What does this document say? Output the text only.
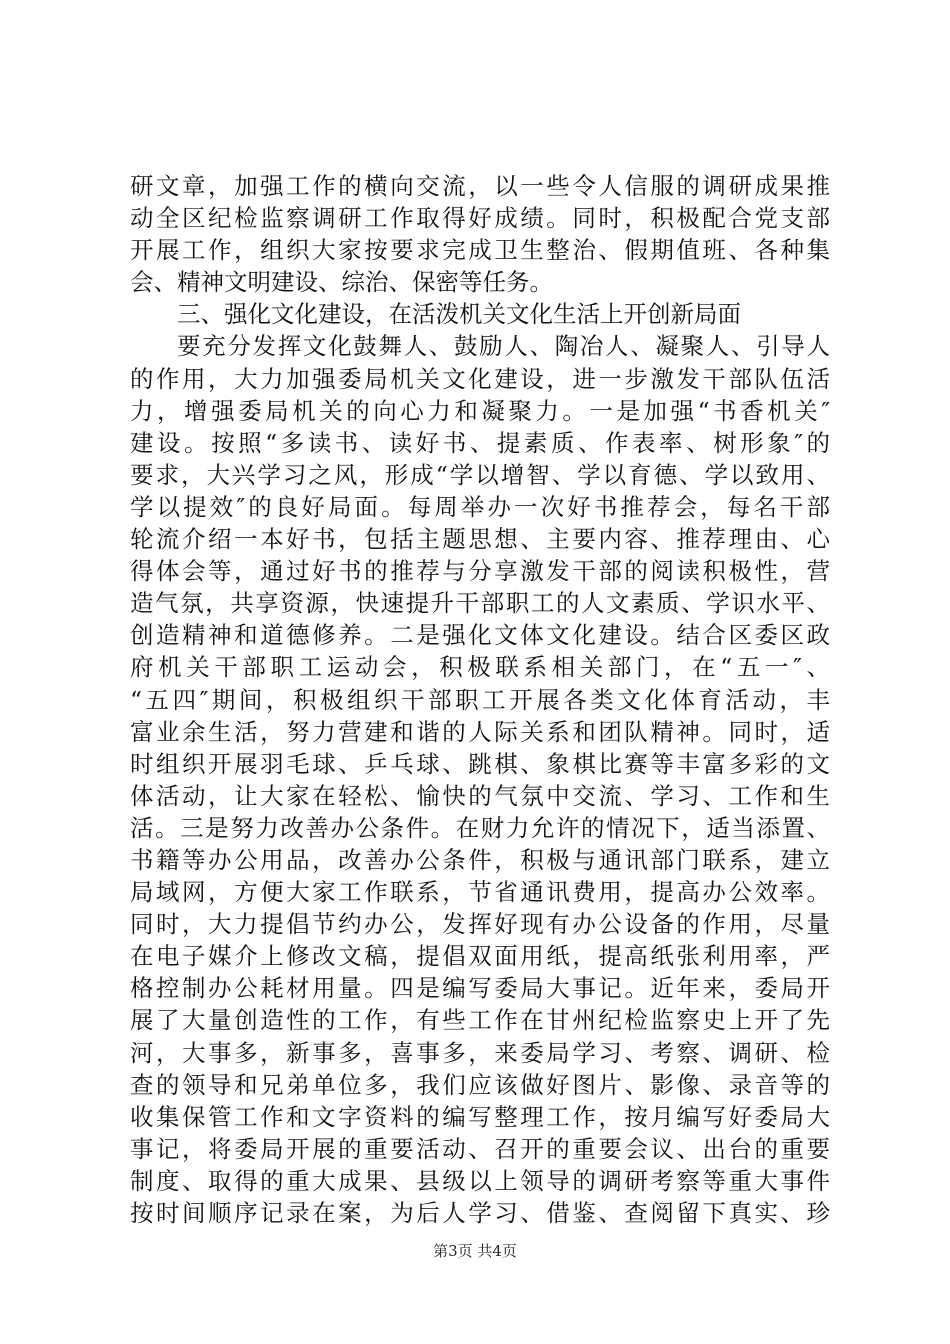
研文章，加强工作的横向交流，以一些令人信服的调研成果推
动全区纪检监察调研工作取得好成绩。同时，积极配合党支部
开展工作，组织大家按要求完成卫生整治、假期值班、各种集
会、精神文明建设、综治、保密等任务。
三、强化文化建设，在活泼机关文化生活上开创新局面
要充分发挥文化鼓舞人、鼓励人、陶冶人、凝聚人、引导人
的作用，大力加强委局机关文化建设，进一步激发干部队伍活
力，增强委局机关的向心力和凝聚力。一是加强“书香机关″
建设。按照“多读书、读好书、提素质、作表率、树形象″的
要求，大兴学习之风，形成“学以增智、学以育德、学以致用、
学以提效″的良好局面。每周举办一次好书推荐会，每名干部
轮流介绍一本好书，包括主题思想、主要内容、推荐理由、心
得体会等，通过好书的推荐与分享激发干部的阅读积极性，营
造气氛，共享资源，快速提升干部职工的人文素质、学识水平、
创造精神和道德修养。二是强化文体文化建设。结合区委区政
府机关干部职工运动会，积极联系相关部门，在“五一″、
“五四″期间，积极组织干部职工开展各类文化体育活动，丰
富业余生活，努力营建和谐的人际关系和团队精神。同时，适
时组织开展羽毛球、乒乓球、跳棋、象棋比赛等丰富多彩的文
体活动，让大家在轻松、愉快的气氛中交流、学习、工作和生
活。三是努力改善办公条件。在财力允许的情况下，适当添置、
书籍等办公用品，改善办公条件，积极与通讯部门联系，建立
局域网，方便大家工作联系，节省通讯费用，提高办公效率。
同时，大力提倡节约办公，发挥好现有办公设备的作用，尽量
在电子媒介上修改文稿，提倡双面用纸，提高纸张利用率，严
格控制办公耗材用量。四是编写委局大事记。近年来，委局开
展了大量创造性的工作，有些工作在甘州纪检监察史上开了先
河，大事多，新事多，喜事多，来委局学习、考察、调研、检
查的领导和兄弟单位多，我们应该做好图片、影像、录音等的
收集保管工作和文字资料的编写整理工作，按月编写好委局大
事记，将委局开展的重要活动、召开的重要会议、出台的重要
制度、取得的重大成果、县级以上领导的调研考察等重大事件
按时间顺序记录在案，为后人学习、借鉴、查阅留下真实、珍
第3页 共4页
